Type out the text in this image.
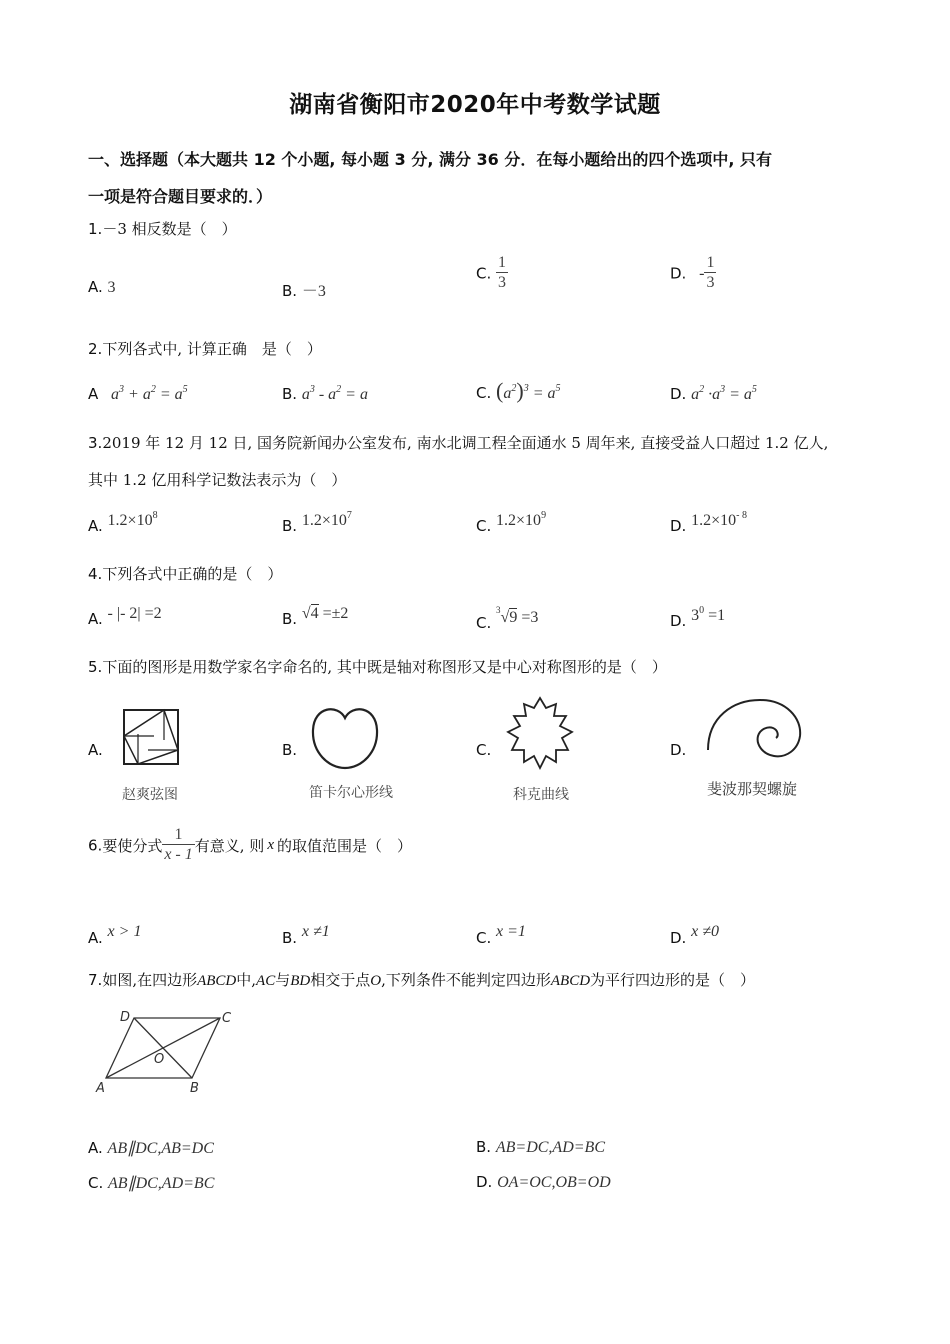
湖南省衡阳市2020年中考数学试题
一、选择题（本大题共 12 个小题, 每小题 3 分, 满分 36 分．在每小题给出的四个选项中, 只有
一项是符合题目要求的．）
1.－3 相反数是（　）
A. 3	B. －3
C. $\frac{1}{3}$	D. - $\frac{1}{3}$
2.下列各式中, 计算正确　是（　）
A $a^3 + a^2 = a^5$	B. $a^3 - a^2 = a$	C. $(a^2)^3 = a^5$	D. $a^2 \cdot a^3 = a^5$
3.2019 年 12 月 12 日, 国务院新闻办公室发布, 南水北调工程全面通水 5 周年来, 直接受益人口超过 1.2 亿人,
其中 1.2 亿用科学记数法表示为（　）
A. $1.2\times 10^8$
B. $1.2\times 10^7$
C. $1.2\times 10^9$
D. $1.2\times 10^{- 8}$
4.下列各式中正确的是（　）
A. - |- 2| =2	B. √4 =±2
C. $^3$√9 =3	D. $3^0 =1$
5.下面的图形是用数学家名字命名的, 其中既是轴对称图形又是中心对称图形的是（　）
A.
赵爽弦图
B.
笛卡尔心形线
C.
科克曲线
D.
斐波那契螺旋
6.要使分式 $\frac{1}{x - 1}$ 有意义, 则 x 的取值范围是（　）
A. x > 1	B. x ≠1	C. x =1	D. x ≠0
7.如图,在四边形ABCD中,AC与BD相交于点O,下列条件不能判定四边形ABCD为平行四边形的是（　）
A	B
C
D
O
A. AB∥DC,AB=DC	B. AB=DC,AD=BC
C. AB∥DC,AD=BC	D. OA=OC,OB=OD
